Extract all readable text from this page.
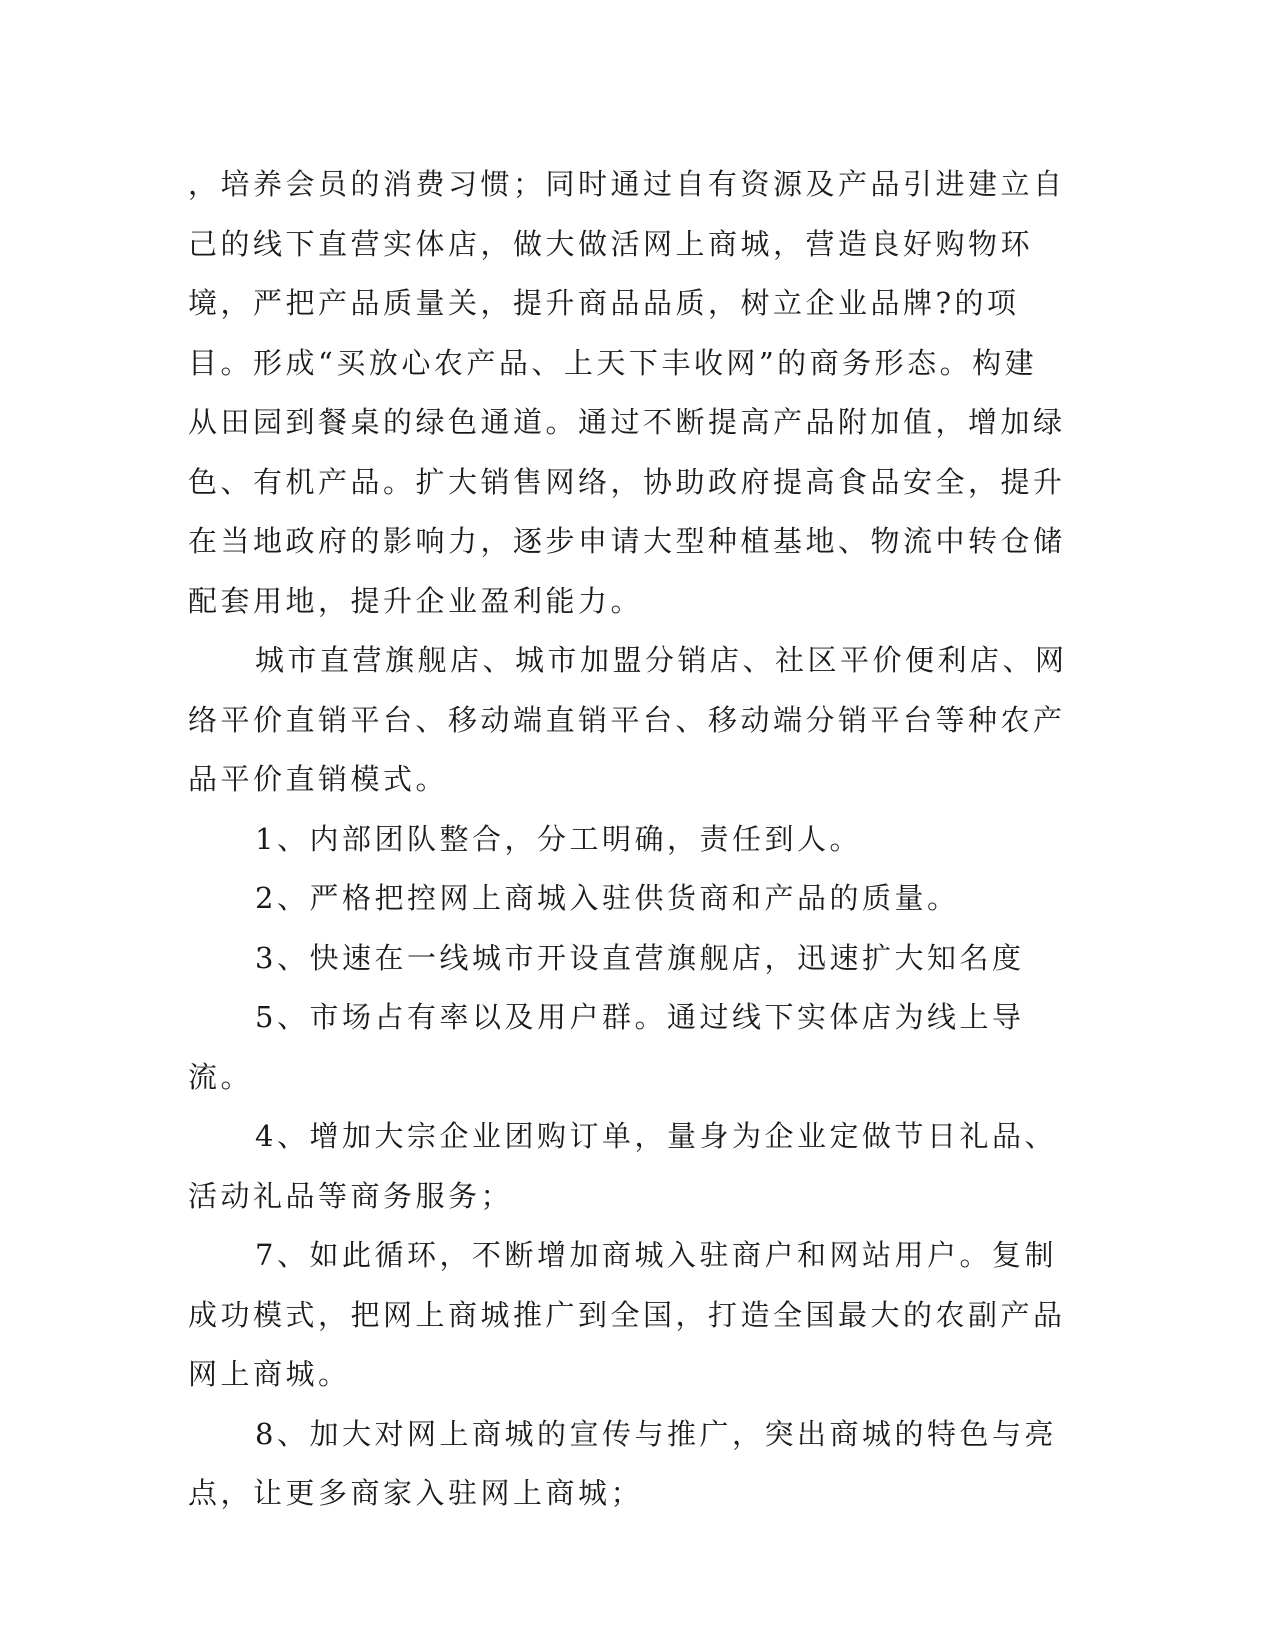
，培养会员的消费习惯；同时通过自有资源及产品引进建立自己的线下直营实体店，做大做活网上商城，营造良好购物环境，严把产品质量关，提升商品品质，树立企业品牌?的项目。形成“买放心农产品、上天下丰收网”的商务形态。构建从田园到餐桌的绿色通道。通过不断提高产品附加值，增加绿色、有机产品。扩大销售网络，协助政府提高食品安全，提升在当地政府的影响力，逐步申请大型种植基地、物流中转仓储配套用地，提升企业盈利能力。

城市直营旗舰店、城市加盟分销店、社区平价便利店、网络平价直销平台、移动端直销平台、移动端分销平台等种农产品平价直销模式。

1、内部团队整合，分工明确，责任到人。

2、严格把控网上商城入驻供货商和产品的质量。

3、快速在一线城市开设直营旗舰店，迅速扩大知名度

5、市场占有率以及用户群。通过线下实体店为线上导流。

4、增加大宗企业团购订单，量身为企业定做节日礼品、活动礼品等商务服务；

7、如此循环，不断增加商城入驻商户和网站用户。复制成功模式，把网上商城推广到全国，打造全国最大的农副产品网上商城。

8、加大对网上商城的宣传与推广，突出商城的特色与亮点，让更多商家入驻网上商城；
